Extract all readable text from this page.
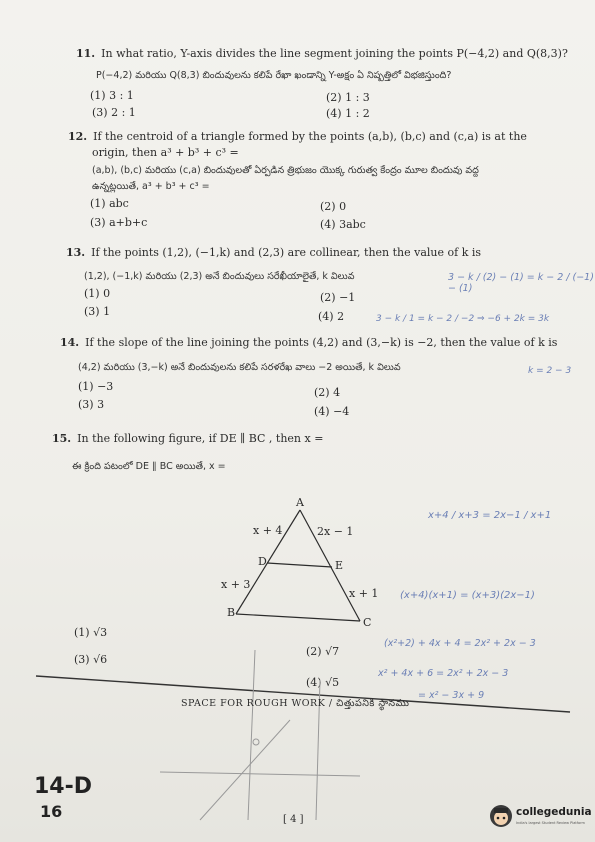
11. In what ratio, Y-axis divides the line segment joining the points P(−4,2) and Q(8,3)?
P(−4,2) మరియు Q(8,3) బిందువులను కలిపే రేఖా ఖండాన్ని Y-అక్షం ఏ నిష్పత్తిలో విభజిస్తుంది?
(1) 3 : 1	(2) 1 : 3
(3) 2 : 1	(4) 1 : 2
12. If the centroid of a triangle formed by the points (a,b), (b,c) and (c,a) is at the
origin, then a³ + b³ + c³ =
(a,b), (b,c) మరియు (c,a) బిందువులతో ఏర్పడిన త్రిభుజం యొక్క గురుత్వ కేంద్రం మూల బిందువు వద్ద
ఉన్నట్లయితే, a³ + b³ + c³ =
(1) abc	(2) 0
(3) a+b+c	(4) 3abc
13. If the points (1,2), (−1,k) and (2,3) are collinear, then the value of k is
(1,2), (−1,k) మరియు (2,3) అనే బిందువులు సరేఖీయాలైతే, k విలువ
(1) 0	(2) −1
(3) 1	(4) 2
14. If the slope of the line joining the points (4,2) and (3,−k) is −2, then the value of k is
(4,2) మరియు (3,−k) అనే బిందువులను కలిపే సరళరేఖ వాలు −2 అయితే, k విలువ
(1) −3	(2) 4
(3) 3
(4) −4
15. In the following figure, if DE ∥ BC , then x =
ఈ క్రింది పటంలో DE ∥ BC అయితే, x =
A
B
C
D	E
x + 4	2x − 1
x + 3
x + 1
(1) √3
(2) √7
(3) √6
(4) √5
SPACE FOR ROUGH WORK / చిత్తుపనికి స్థానము
3 − k / (2) − (1) = k − 2 / (−1) − (1)
3 − k / 1 = k − 2 / −2 ⇒ −6 + 2k = 3k
k = 2 − 3
x+4 / x+3 = 2x−1 / x+1
(x+4)(x+1) = (x+3)(2x−1)
(x²+2) + 4x + 4 = 2x² + 2x − 3
x² + 4x + 6 = 2x² + 2x − 3
= x² − 3x + 9
14-D
16	[ 4 ]
collegedunia
India's largest Student Review Platform
